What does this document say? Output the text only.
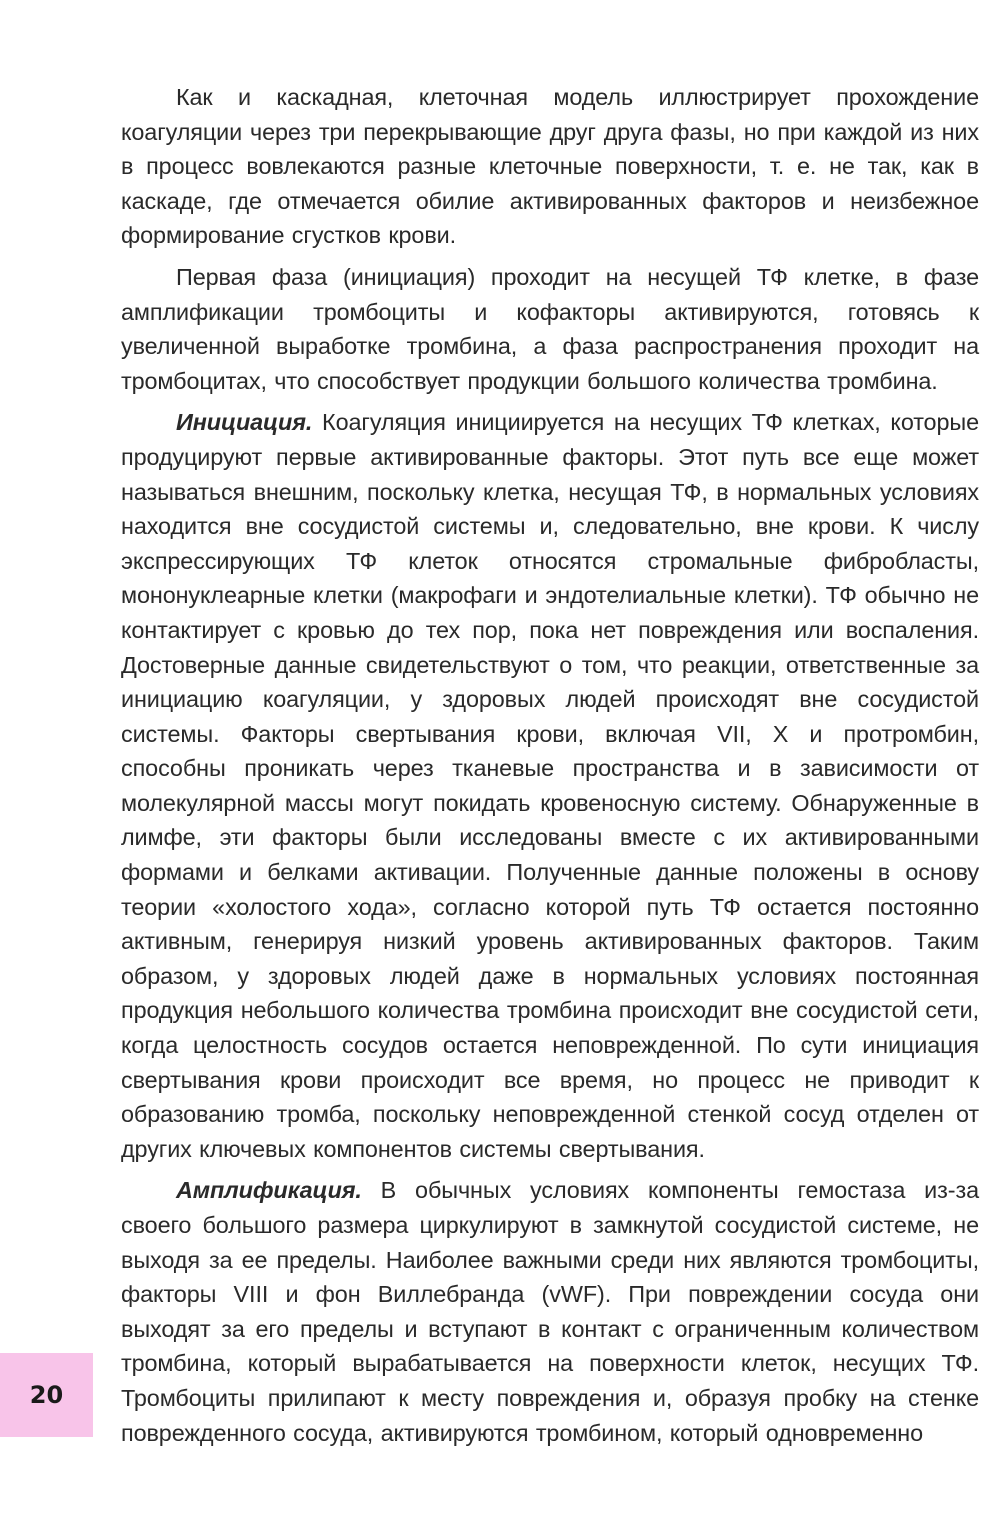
Как и каскадная, клеточная модель иллюстрирует прохождение коагуляции через три перекрывающие друг друга фазы, но при каждой из них в процесс вовлекаются разные клеточные поверхности, т. е. не так, как в каскаде, где отмечается обилие активированных факторов и неизбежное формирование сгустков крови.

Первая фаза (инициация) проходит на несущей ТФ клетке, в фазе амплификации тромбоциты и кофакторы активируются, готовясь к увеличенной выработке тромбина, а фаза распространения проходит на тромбоцитах, что способствует продукции большого количества тромбина.

Инициация. Коагуляция инициируется на несущих ТФ клетках, которые продуцируют первые активированные факторы. Этот путь все еще может называться внешним, поскольку клетка, несущая ТФ, в нормальных условиях находится вне сосудистой системы и, следовательно, вне крови. К числу экспрессирующих ТФ клеток относятся стромальные фибробласты, мононуклеарные клетки (макрофаги и эндотелиальные клетки). ТФ обычно не контактирует с кровью до тех пор, пока нет повреждения или воспаления. Достоверные данные свидетельствуют о том, что реакции, ответственные за инициацию коагуляции, у здоровых людей происходят вне сосудистой системы. Факторы свертывания крови, включая VII, X и протромбин, способны проникать через тканевые пространства и в зависимости от молекулярной массы могут покидать кровеносную систему. Обнаруженные в лимфе, эти факторы были исследованы вместе с их активированными формами и белками активации. Полученные данные положены в основу теории «холостого хода», согласно которой путь ТФ остается постоянно активным, генерируя низкий уровень активированных факторов. Таким образом, у здоровых людей даже в нормальных условиях постоянная продукция небольшого количества тромбина происходит вне сосудистой сети, когда целостность сосудов остается неповрежденной. По сути инициация свертывания крови происходит все время, но процесс не приводит к образованию тромба, поскольку неповрежденной стенкой сосуд отделен от других ключевых компонентов системы свертывания.

Амплификация. В обычных условиях компоненты гемостаза из-за своего большого размера циркулируют в замкнутой сосудистой системе, не выходя за ее пределы. Наиболее важными среди них являются тромбоциты, факторы VIII и фон Виллебранда (vWF). При повреждении сосуда они выходят за его пределы и вступают в контакт с ограниченным количеством тромбина, который вырабатывается на поверхности клеток, несущих ТФ. Тромбоциты прилипают к месту повреждения и, образуя пробку на стенке поврежденного сосуда, активируются тромбином, который одновременно

20
